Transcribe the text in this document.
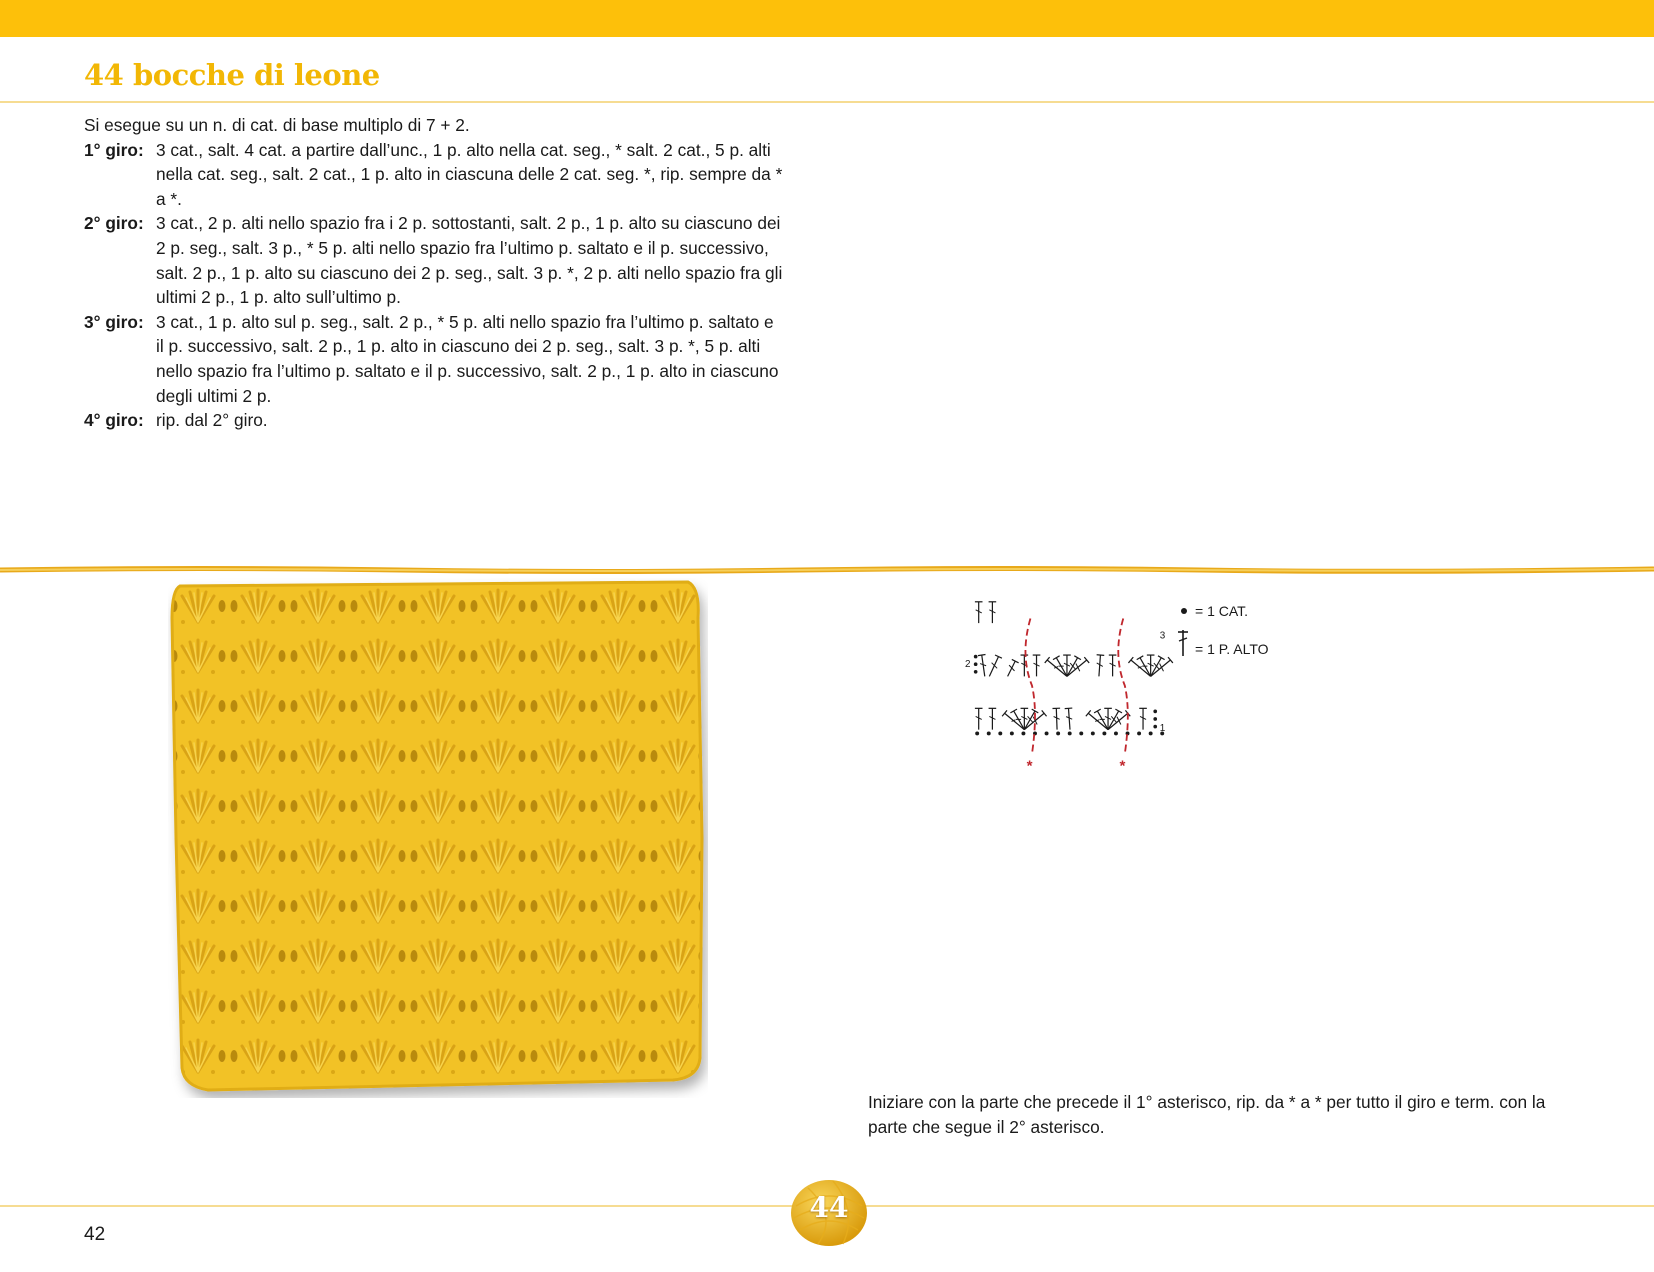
44 bocche di leone

Si esegue su un n. di cat. di base multiplo di 7 + 2.

1° giro: 3 cat., salt. 4 cat. a partire dall’unc., 1 p. alto nella cat. seg., * salt. 2 cat., 5 p. alti nella cat. seg., salt. 2 cat., 1 p. alto in ciascuna delle 2 cat. seg. *, rip. sempre da * a *.
2° giro: 3 cat., 2 p. alti nello spazio fra i 2 p. sottostanti, salt. 2 p., 1 p. alto su ciascuno dei 2 p. seg., salt. 3 p., * 5 p. alti nello spazio fra l’ultimo p. saltato e il p. successivo, salt. 2 p., 1 p. alto su ciascuno dei 2 p. seg., salt. 3 p. *, 2 p. alti nello spazio fra gli ultimi 2 p., 1 p. alto sull’ultimo p.
3° giro: 3 cat., 1 p. alto sul p. seg., salt. 2 p., * 5 p. alti nello spazio fra l’ultimo p. saltato e il p. successivo, salt. 2 p., 1 p. alto in ciascuno dei 2 p. seg., salt. 3 p. *, 5 p. alti nello spazio fra l’ultimo p. saltato e il p. successivo, salt. 2 p., 1 p. alto in ciascuno degli ultimi 2 p.
4° giro: rip. dal 2° giro.
1
2
3
*	*
= 1 CAT.
= 1 P. ALTO
Iniziare con la parte che precede il 1° asterisco, rip. da * a * per tutto il giro e term. con la parte che segue il 2° asterisco.
44
42
